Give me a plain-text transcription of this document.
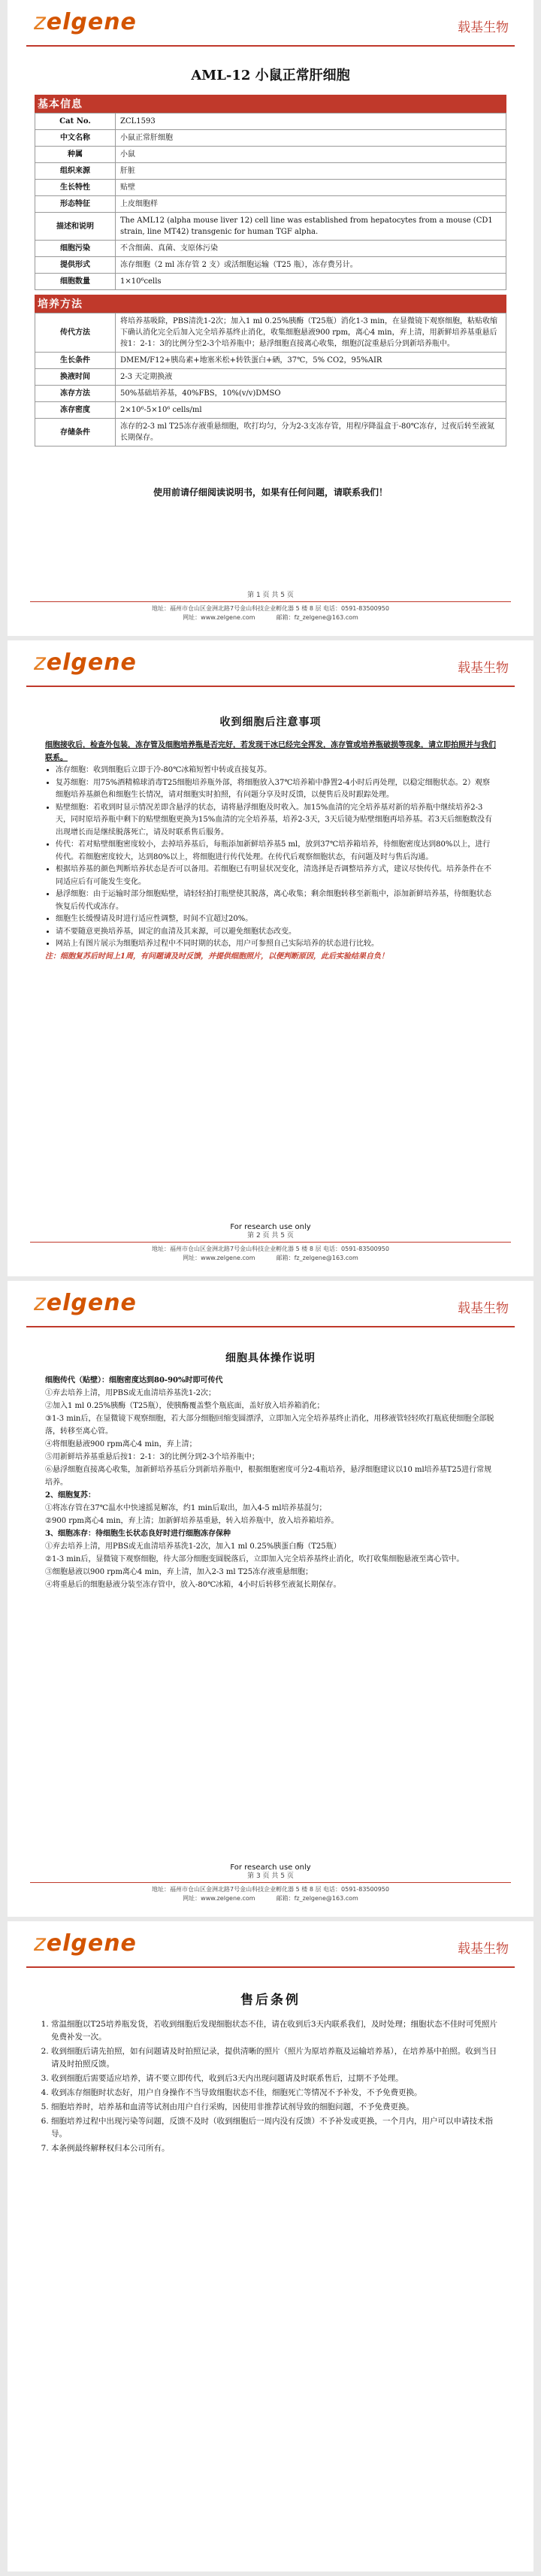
zelgene	载基生物
AML-12 小鼠正常肝细胞
基本信息
Cat No.	ZCL1593
中文名称	小鼠正常肝细胞
种属	小鼠
组织来源	肝脏
生长特性	贴壁
形态特征	上皮细胞样
描述和说明	The AML12 (alpha mouse liver 12) cell line was established from hepatocytes from a mouse (CD1 strain, line MT42) transgenic for human TGF alpha.
细胞污染	不含细菌、真菌、支原体污染
提供形式	冻存细胞（2 ml 冻存管 2 支）或活细胞运输（T25 瓶），冻存费另计。
细胞数量	1×10⁶cells
培养方法
传代方法	将培养基吸除，PBS清洗1-2次；加入1 ml 0.25%胰酶（T25瓶）消化1-3 min，在显微镜下观察细胞，粘贴收缩下确认消化完全后加入完全培养基终止消化，收集细胞悬液900 rpm，离心4 min，弃上清，用新鲜培养基重悬后按1：2-1：3的比例分至2-3个培养瓶中；悬浮细胞直接离心收集，细胞沉淀重悬后分到新培养瓶中。
生长条件	DMEM/F12+胰岛素+地塞米松+转铁蛋白+硒，37℃，5% CO2，95%AIR
换液时间	2-3 天定期换液
冻存方法	50%基础培养基，40%FBS，10%(v/v)DMSO
冻存密度	2×10⁶-5×10⁶ cells/ml
存储条件	冻存的2-3 ml T25冻存液重悬细胞，吹打均匀，分为2-3支冻存管，用程序降温盒于-80℃冻存，过夜后转至液氮长期保存。
使用前请仔细阅读说明书，如果有任何问题，请联系我们！
第 1 页 共 5 页
地址：福州市仓山区金洲北路7号金山科技企业孵化器 5 楼 8 层 电话：0591-83500950
网址：www.zelgene.com	邮箱：fz_zelgene@163.com
zelgene	载基生物
收到细胞后注意事项
细胞接收后，检查外包装，冻存管及细胞培养瓶是否完好，若发现干冰已经完全挥发，冻存管或培养瓶破损等现象，请立即拍照并与我们联系。
• 冻存细胞：收到细胞后立即于冷-80℃冰箱短暂中转或直接复苏。
• 复苏细胞：用75%酒精棉球消毒T25细胞培养瓶外部，将细胞放入37℃培养箱中静置2-4小时后再处理，以稳定细胞状态。2）观察细胞培养基颜色和细胞生长情况，请对细胞实时拍照，有问题分享及时反馈，以便售后及时跟踪处理。
• 贴壁细胞：若收到时显示情况差即含悬浮的状态，请将悬浮细胞及时收入。加15%血清的完全培养基对新的培养瓶中继续培养2-3天，同时原培养瓶中剩下的贴壁细胞更换为15%血清的完全培养基，培养2-3天，3天后镜为贴壁细胞再培养基。若3天后细胞数没有出现增长而是继续脱落死亡，请及时联系售后服务。
• 传代：若对贴壁细胞密度较小，去掉培养基后，每瓶添加新鲜培养基5 ml，放到37℃培养箱培养，待细胞密度达到80%以上，进行传代。若细胞密度较大，达到80%以上，将细胞进行传代处理。在传代后观察细胞状态，有问题及时与售后沟通。
• 根据培养基的颜色判断培养状态是否可以备用。若细胞已有明显状况变化，清选择是否调整培养方式，建议尽快传代。培养条件在不同适应后有可能发生变化。
• 悬浮细胞：由于运输时部分细胞贴壁，请轻轻拍打瓶壁使其脱落，离心收集；剩余细胞转移至新瓶中，添加新鲜培养基，待细胞状态恢复后传代或冻存。
• 细胞生长缓慢请及时进行适应性调整，时间不宜超过20%。
• 请不要随意更换培养基，固定的血清及其来源，可以避免细胞状态改变。
• 网站上有图片展示为细胞培养过程中不同时期的状态，用户可参照自己实际培养的状态进行比较。
注：细胞复苏后时间上1周，有问题请及时反馈，并提供细胞照片，以便判断原因，此后实验结果自负！
For research use only
第 2 页 共 5 页
地址：福州市仓山区金洲北路7号金山科技企业孵化器 5 楼 8 层 电话：0591-83500950
网址：www.zelgene.com	邮箱：fz_zelgene@163.com
zelgene	载基生物
细胞具体操作说明
细胞传代（贴壁）：细胞密度达到80-90%时即可传代
①弃去培养上清，用PBS或无血清培养基洗1-2次；
②加入1 ml 0.25%胰酶（T25瓶），使胰酶覆盖整个瓶底面，盖好放入培养箱消化；
③1-3 min后，在显微镜下观察细胞，若大部分细胞回缩变圆漂浮，立即加入完全培养基终止消化，用移液管轻轻吹打瓶底使细胞全部脱落，转移至离心管。
④将细胞悬液900 rpm离心4 min，弃上清；
⑤用新鲜培养基重悬后按1：2-1：3的比例分到2-3个培养瓶中；
⑥悬浮细胞直接离心收集，加新鲜培养基后分到新培养瓶中，根据细胞密度可分2-4瓶培养，悬浮细胞建议以10 ml培养基T25进行常规培养。
2、细胞复苏：
①将冻存管在37℃温水中快速摇晃解冻，约1 min后取出，加入4-5 ml培养基混匀；
②900 rpm离心4 min，弃上清；加新鲜培养基重悬，转入培养瓶中，放入培养箱培养。
3、细胞冻存：待细胞生长状态良好时进行细胞冻存保种
①弃去培养上清，用PBS或无血清培养基洗1-2次，加入1 ml 0.25%胰蛋白酶（T25瓶）
②1-3 min后，显微镜下观察细胞，待大部分细胞变圆脱落后，立即加入完全培养基终止消化，吹打收集细胞悬液至离心管中。
③细胞悬液以900 rpm离心4 min，弃上清，加入2-3 ml T25冻存液重悬细胞；
④将重悬后的细胞悬液分装至冻存管中，放入-80℃冰箱，4小时后转移至液氮长期保存。
For research use only
第 3 页 共 5 页
地址：福州市仓山区金洲北路7号金山科技企业孵化器 5 楼 8 层 电话：0591-83500950
网址：www.zelgene.com	邮箱：fz_zelgene@163.com
zelgene	载基生物
售后条例
1. 常温细胞以T25培养瓶发货，若收到细胞后发现细胞状态不佳，请在收到后3天内联系我们，及时处理；细胞状态不佳时可凭照片免费补发一次。
2. 收到细胞后请先拍照，如有问题请及时拍照记录，提供清晰的照片（照片为原培养瓶及运输培养基），在培养基中拍照。收到当日请及时拍照反馈。
3. 收到细胞后需要适应培养，请不要立即传代，收到后3天内出现问题请及时联系售后，过期不予处理。
4. 收到冻存细胞时状态好，用户自身操作不当导致细胞状态不佳，细胞死亡等情况不予补发，不予免费更换。
5. 细胞培养时，培养基和血清等试剂由用户自行采购，因使用非推荐试剂导致的细胞问题，不予免费更换。
6. 细胞培养过程中出现污染等问题，反馈不及时（收到细胞后一周内没有反馈）不予补发或更换，一个月内，用户可以申请技术指导。
7. 本条例最终解释权归本公司所有。
